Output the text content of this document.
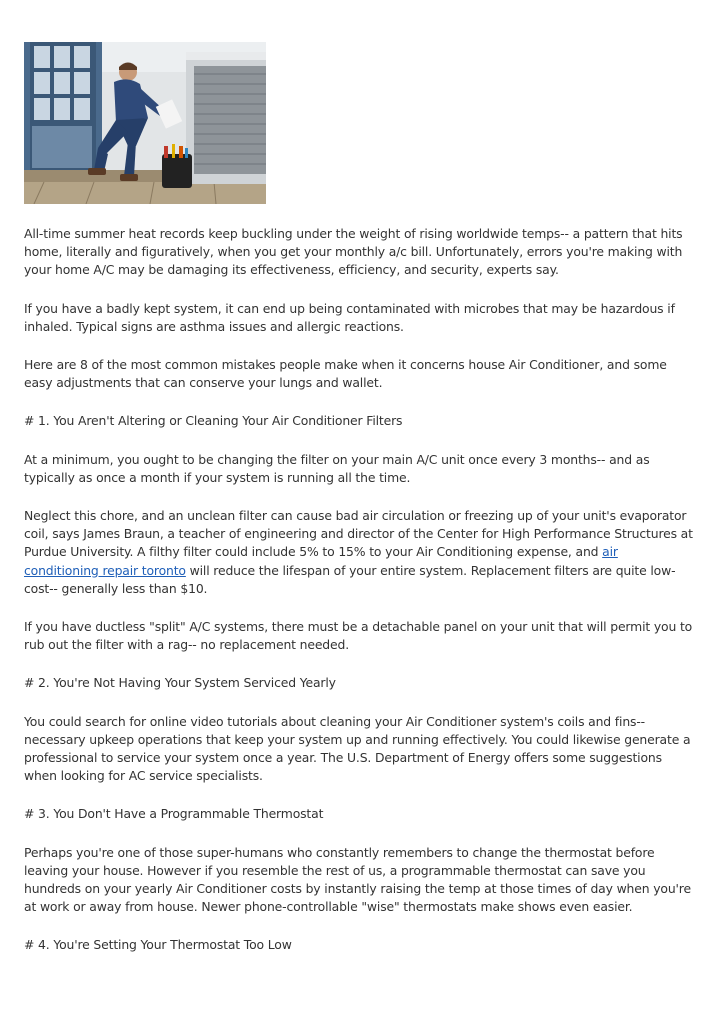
All-time summer heat records keep buckling under the weight of rising worldwide temps-- a pattern that hits home, literally and figuratively, when you get your monthly a/c bill. Unfortunately, errors you're making with your home A/C may be damaging its effectiveness, efficiency, and security, experts say.

If you have a badly kept system, it can end up being contaminated with microbes that may be hazardous if inhaled. Typical signs are asthma issues and allergic reactions.

Here are 8 of the most common mistakes people make when it concerns house Air Conditioner, and some easy adjustments that can conserve your lungs and wallet.

# 1. You Aren't Altering or Cleaning Your Air Conditioner Filters

At a minimum, you ought to be changing the filter on your main A/C unit once every 3 months-- and as typically as once a month if your system is running all the time.

Neglect this chore, and an unclean filter can cause bad air circulation or freezing up of your unit's evaporator coil, says James Braun, a teacher of engineering and director of the Center for High Performance Structures at Purdue University. A filthy filter could include 5% to 15% to your Air Conditioning expense, and air conditioning repair toronto will reduce the lifespan of your entire system. Replacement filters are quite low-cost-- generally less than $10.

If you have ductless "split" A/C systems, there must be a detachable panel on your unit that will permit you to rub out the filter with a rag-- no replacement needed.

# 2. You're Not Having Your System Serviced Yearly

You could search for online video tutorials about cleaning your Air Conditioner system's coils and fins-- necessary upkeep operations that keep your system up and running effectively. You could likewise generate a professional to service your system once a year. The U.S. Department of Energy offers some suggestions when looking for AC service specialists.

# 3. You Don't Have a Programmable Thermostat

Perhaps you're one of those super-humans who constantly remembers to change the thermostat before leaving your house. However if you resemble the rest of us, a programmable thermostat can save you hundreds on your yearly Air Conditioner costs by instantly raising the temp at those times of day when you're at work or away from house. Newer phone-controllable "wise" thermostats make shows even easier.

# 4. You're Setting Your Thermostat Too Low
